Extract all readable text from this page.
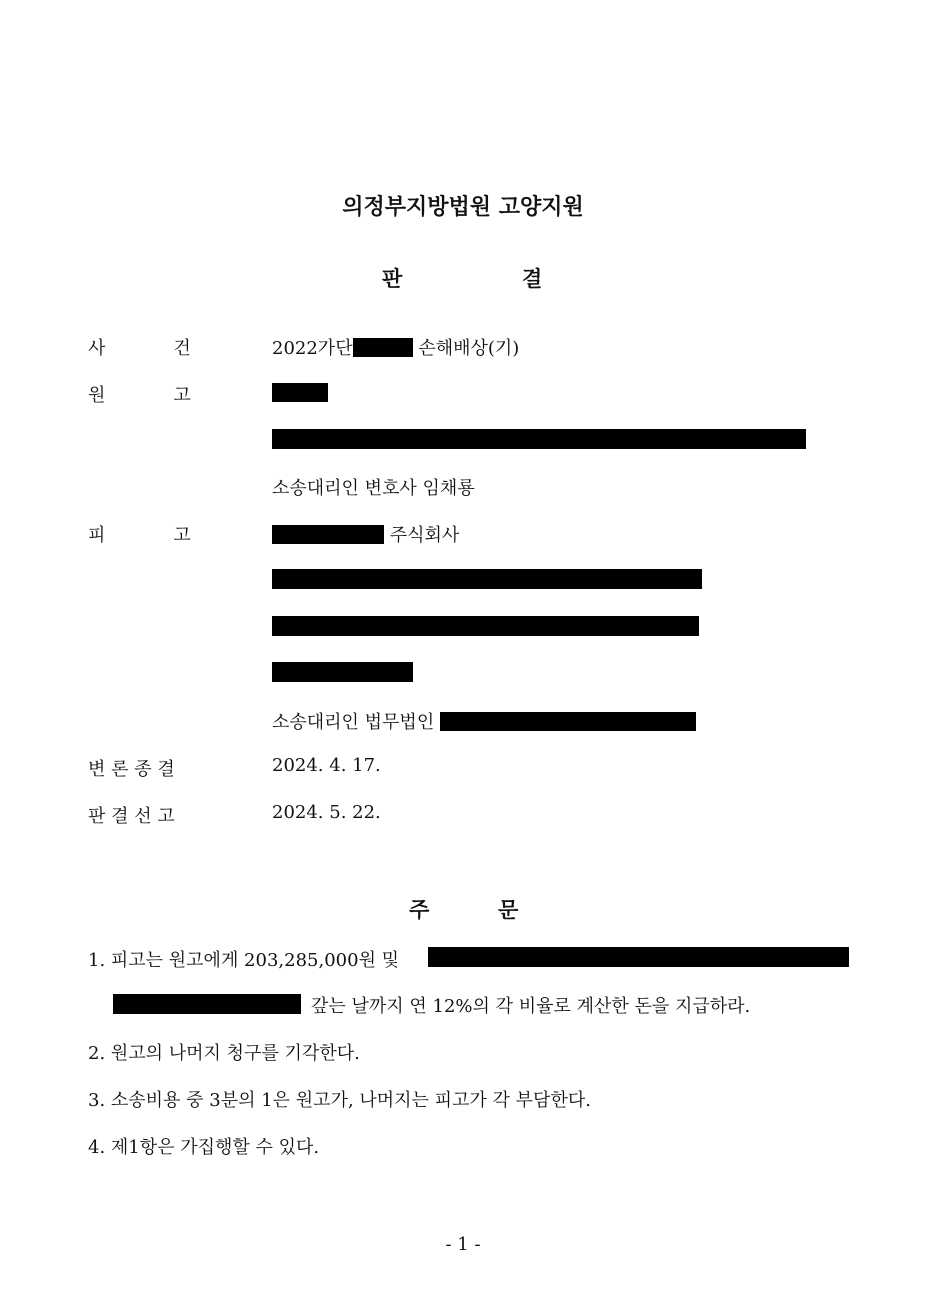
의정부지방법원 고양지원
판	결
사	건	2022가단	손해배상(기)
원	고
소송대리인 변호사 임채룡
피	고	주식회사
소송대리인 법무법인
변 론 종 결	2024. 4. 17.
판 결 선 고	2024. 5. 22.
주	문
1. 피고는 원고에게 203,285,000원 및
갚는 날까지 연 12%의 각 비율로 계산한 돈을 지급하라.
2. 원고의 나머지 청구를 기각한다.
3. 소송비용 중 3분의 1은 원고가, 나머지는 피고가 각 부담한다.
4. 제1항은 가집행할 수 있다.
- 1 -
